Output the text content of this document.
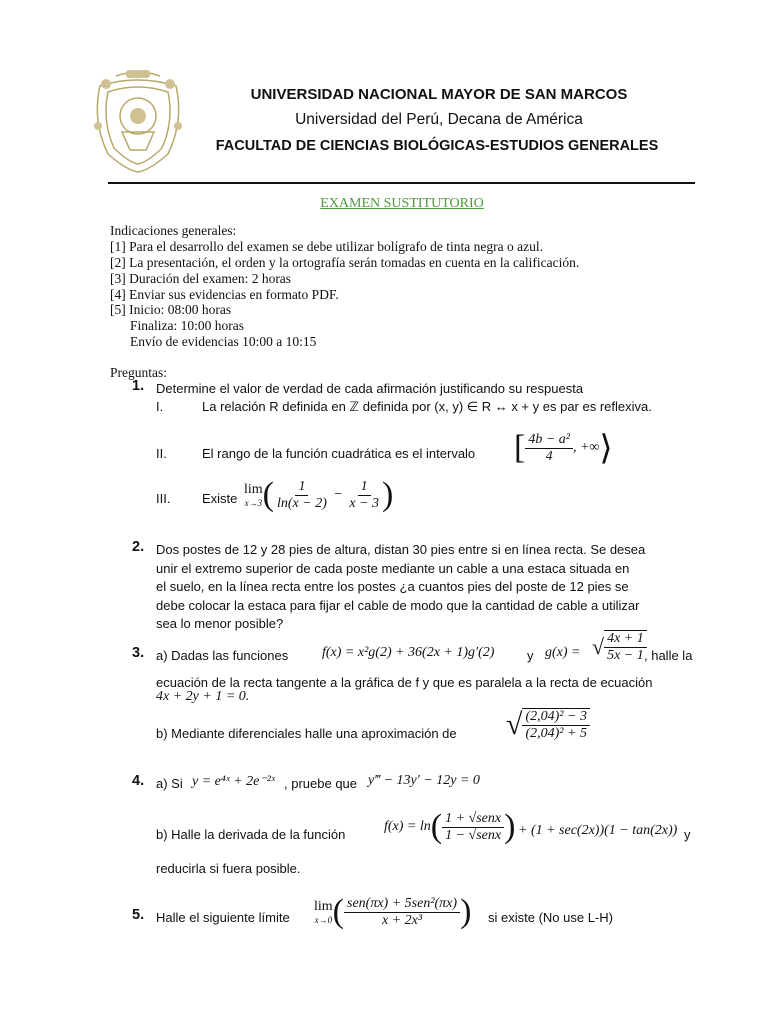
UNIVERSIDAD NACIONAL MAYOR DE SAN MARCOS
Universidad del Perú, Decana de América
FACULTAD DE CIENCIAS BIOLÓGICAS-ESTUDIOS GENERALES
EXAMEN SUSTITUTORIO
Indicaciones generales:
[1] Para el desarrollo del examen se debe utilizar bolígrafo de tinta negra o azul.
[2] La presentación, el orden y la ortografía serán tomadas en cuenta en la calificación.
[3] Duración del examen: 2 horas
[4] Enviar sus evidencias en formato PDF.
[5] Inicio: 08:00 horas
Finaliza: 10:00 horas
Envío de evidencias 10:00 a 10:15
Preguntas:
1. Determine el valor de verdad de cada afirmación justificando su respuesta
I.	La relación R definida en ℤ definida por (x, y) ∈ R ↔ x + y es par es reflexiva.
II.	El rango de la función cuadrática es el intervalo [ $\frac{\text{4b − a²}}{4}$ , +∞⟩
III. Existe
lim
x→3 ( $\frac{1}{\ln(x - 2)} - \frac{1}{x - 3}$ )
2. Dos postes de 12 y 28 pies de altura, distan 30 pies entre si en línea recta. Se desea
unir el extremo superior de cada poste mediante un cable a una estaca situada en
el suelo, en la línea recta entre los postes ¿a cuantos pies del poste de 12 pies se
debe colocar la estaca para fijar el cable de modo que la cantidad de cable a utilizar
sea lo menor posible?
3. a) Dadas las funciones f(x) = x²g(2) + 36(2x + 1)g′(2)	y g(x) = √ $\frac{4x + 1}{5x - 1}$
, halle la
ecuación de la recta tangente a la gráfica de f y que es paralela a la recta de ecuación
4x + 2y + 1 = 0.
b) Mediante diferenciales halle una aproximación de √ $\frac{\text{(2,04)² − 3}}{\text{(2,04)² + 5}}$
4. a) Si y = e⁴ˣ + 2e⁻²ˣ , pruebe que y‴ − 13y′ − 12y = 0
b) Halle la derivada de la función
$f(x) = \ln( \frac{\text{1 + √senx}}{\text{1 − √senx}}$ ) + (1 + sec(2x))(1 − tan(2x)) y
reducirla si fuera posible.
5. Halle el siguiente límite
lim
x→0 ( $\frac{\text{sen(πx) + 5sen²(πx)}}{\text{x + 2x³}}$ ) si existe (No use L-H)
